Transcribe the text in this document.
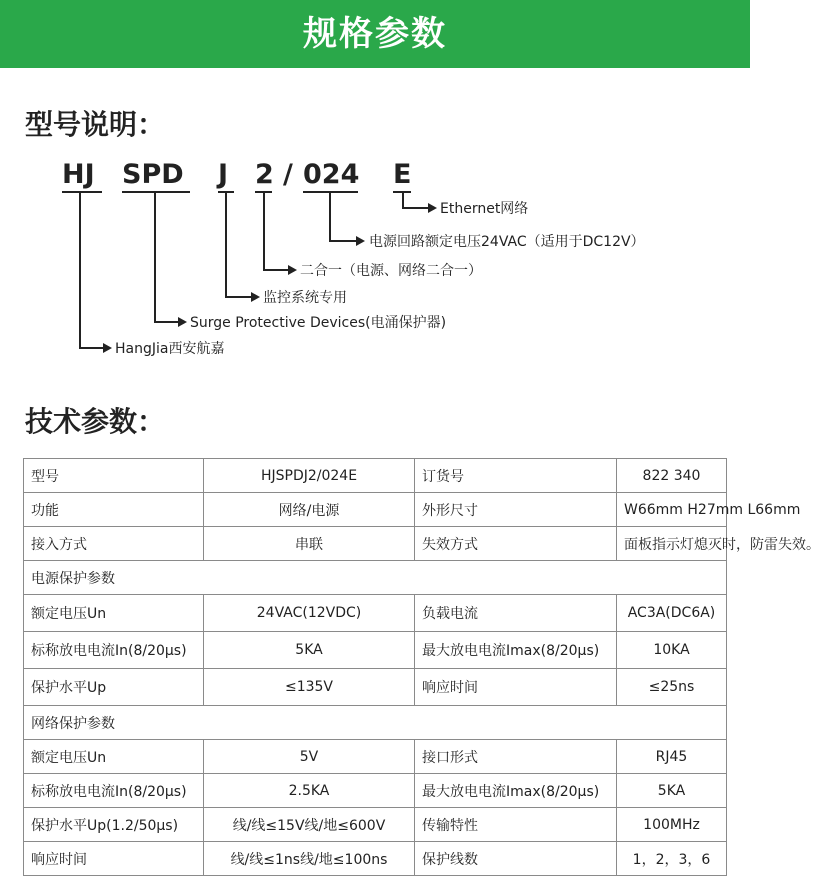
规格参数
型号说明：
HJ SPD J 2 / 024 E
Ethernet网络
电源回路额定电压24VAC（适用于DC12V）
二合一（电源、网络二合一）
监控系统专用
Surge Protective Devices(电涌保护器)
HangJia西安航嘉
技术参数：
型号	HJSPDJ2/024E	订货号	822 340
功能	网络/电源	外形尺寸	W66mm H27mm L66mm
接入方式	串联	失效方式	面板指示灯熄灭时，防雷失效。
电源保护参数			
额定电压Un	24VAC(12VDC)	负载电流	AC3A(DC6A)
标称放电电流In(8/20μs)	5KA	最大放电电流Imax(8/20μs)	10KA
保护水平Up	≤135V	响应时间	≤25ns
网络保护参数			
额定电压Un	5V	接口形式	RJ45
标称放电电流In(8/20μs)	2.5KA	最大放电电流Imax(8/20μs)	5KA
保护水平Up(1.2/50μs)	线/线≤15V线/地≤600V	传输特性	100MHz
响应时间	线/线≤1ns线/地≤100ns	保护线数	1，2，3，6
